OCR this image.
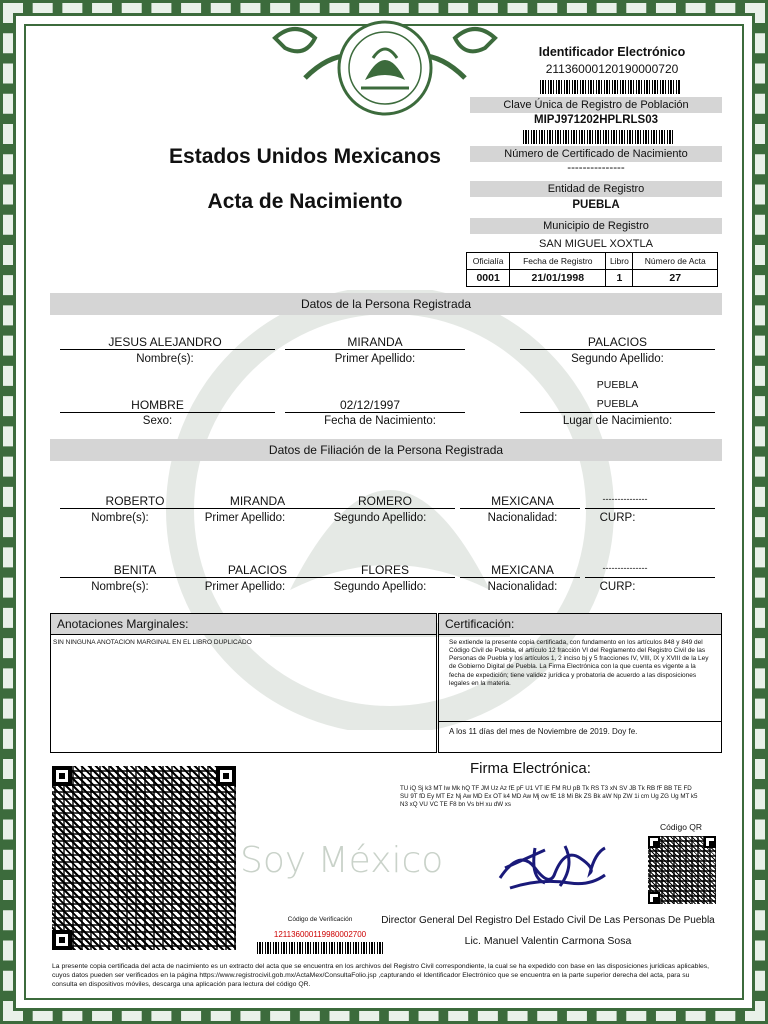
Estados Unidos Mexicanos
Acta de Nacimiento
Identificador Electrónico
21136000120190000720
Clave Única de Registro de Población
MIPJ971202HPLRLS03
Número de Certificado de Nacimiento
---------------
Entidad de Registro
PUEBLA
Municipio de Registro
SAN MIGUEL XOXTLA
Oficialía	Fecha de Registro	Libro	Número de Acta
0001	21/01/1998	1	27
Datos de la Persona Registrada
JESUS ALEJANDRO
Nombre(s):
MIRANDA
Primer Apellido:
PALACIOS
Segundo Apellido:
HOMBRE
Sexo:
02/12/1997
Fecha de Nacimiento:
PUEBLA
PUEBLA
Lugar de Nacimiento:
Datos de Filiación de la Persona Registrada
ROBERTO
Nombre(s):
MIRANDA
Primer Apellido:
ROMERO
Segundo Apellido:
MEXICANA
Nacionalidad:
---------------
CURP:
BENITA
Nombre(s):
PALACIOS
Primer Apellido:
FLORES
Segundo Apellido:
MEXICANA
Nacionalidad:
---------------
CURP:
Anotaciones Marginales:
SIN NINGUNA ANOTACION MARGINAL EN EL LIBRO DUPLICADO
Certificación:
Se extiende la presente copia certificada, con fundamento en los artículos 848 y 849 del Código Civil de Puebla, el artículo 12 fracción VI del Reglamento del Registro Civil de las Personas de Puebla y los artículos 1, 2 inciso bj y 5 fracciones IV, VIII, IX y XVIII de la Ley de Gobierno Digital de Puebla. La Firma Electrónica con la que cuenta es vigente a la fecha de expedición; tiene validez jurídica y probatoria de acuerdo a las disposiciones legales en la materia.
A los 11 días del mes de Noviembre de 2019. Doy fe.
Soy México
Firma Electrónica:
TU iQ Sj k3 MT Iw Mk hQ TF JM Uz Az fE pF U1 VT lE FM RU pB Tk RS T3 xN SV JB Tk RB fF BB TE FD SU 9T fD Ey MT Ez Nj Aw MD Ex OT k4 MD Aw Mj cw fE 18 Mi Bk ZS Bk aW Np ZW 1i cm Ug ZG Ug MT k5 N3 xQ VU VC TE F8 bn Vs bH xu dW xs
Código QR
Código de Verificación
121136000119980002700
Director General Del Registro Del Estado Civil De Las Personas De Puebla
Lic. Manuel Valentin Carmona Sosa
La presente copia certificada del acta de nacimiento es un extracto del acta que se encuentra en los archivos del Registro Civil correspondiente, la cual se ha expedido con base en las disposiciones jurídicas aplicables, cuyos datos pueden ser verificados en la página https://www.registrocivil.gob.mx/ActaMex/ConsultaFolio.jsp ,capturando el Identificador Electrónico que se encuentra en la parte superior derecha del acta, para su consulta en dispositivos móviles, descarga una aplicación para lectura del código QR.
